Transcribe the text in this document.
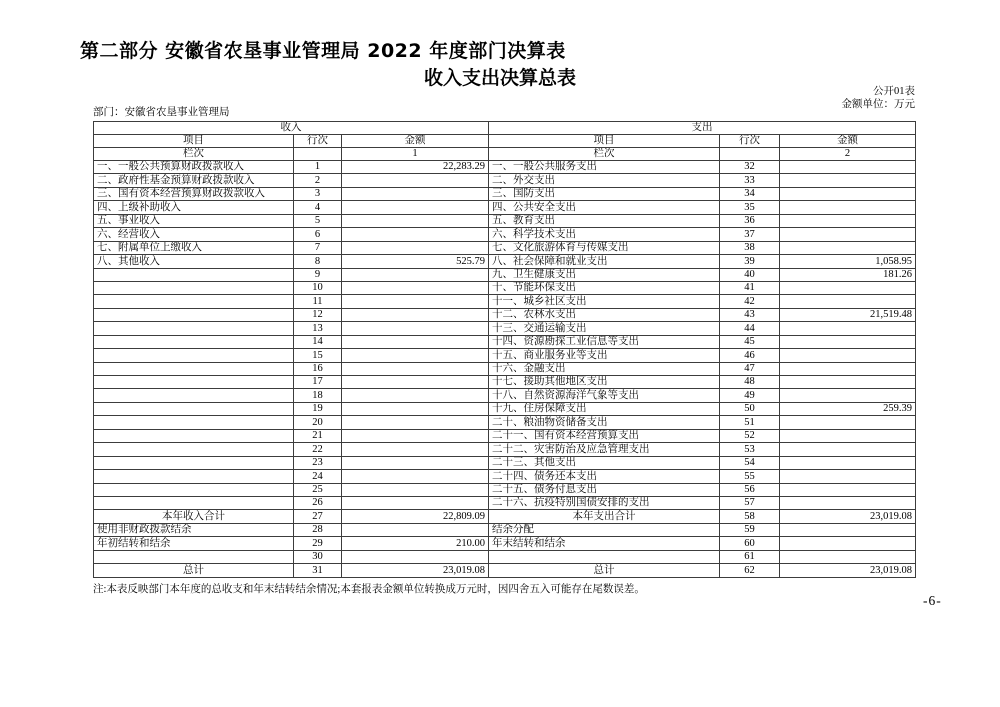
第二部分 安徽省农垦事业管理局 2022 年度部门决算表
收入支出决算总表
公开01表
金额单位：万元
部门：安徽省农垦事业管理局
收入			支出		
项目	行次	金额	项目	行次	金额
栏次		1	栏次		2
一、一般公共预算财政拨款收入	1	22,283.29	一、一般公共服务支出	32	
二、政府性基金预算财政拨款收入	2		二、外交支出	33	
三、国有资本经营预算财政拨款收入	3		三、国防支出	34	
四、上级补助收入	4		四、公共安全支出	35	
五、事业收入	5		五、教育支出	36	
六、经营收入	6		六、科学技术支出	37	
七、附属单位上缴收入	7		七、文化旅游体育与传媒支出	38	
八、其他收入	8	525.79	八、社会保障和就业支出	39	1,058.95
	9		九、卫生健康支出	40	181.26
	10		十、节能环保支出	41	
	11		十一、城乡社区支出	42	
	12		十二、农林水支出	43	21,519.48
	13		十三、交通运输支出	44	
	14		十四、资源勘探工业信息等支出	45	
	15		十五、商业服务业等支出	46	
	16		十六、金融支出	47	
	17		十七、援助其他地区支出	48	
	18		十八、自然资源海洋气象等支出	49	
	19		十九、住房保障支出	50	259.39
	20		二十、粮油物资储备支出	51	
	21		二十一、国有资本经营预算支出	52	
	22		二十二、灾害防治及应急管理支出	53	
	23		二十三、其他支出	54	
	24		二十四、债务还本支出	55	
	25		二十五、债务付息支出	56	
	26		二十六、抗疫特别国债安排的支出	57	
本年收入合计	27	22,809.09	本年支出合计	58	23,019.08
使用非财政拨款结余	28		结余分配	59	
年初结转和结余	29	210.00	年末结转和结余	60	
	30			61	
总计	31	23,019.08	总计	62	23,019.08
注:本表反映部门本年度的总收支和年末结转结余情况;本套报表金额单位转换成万元时，因四舍五入可能存在尾数误差。
-6-
